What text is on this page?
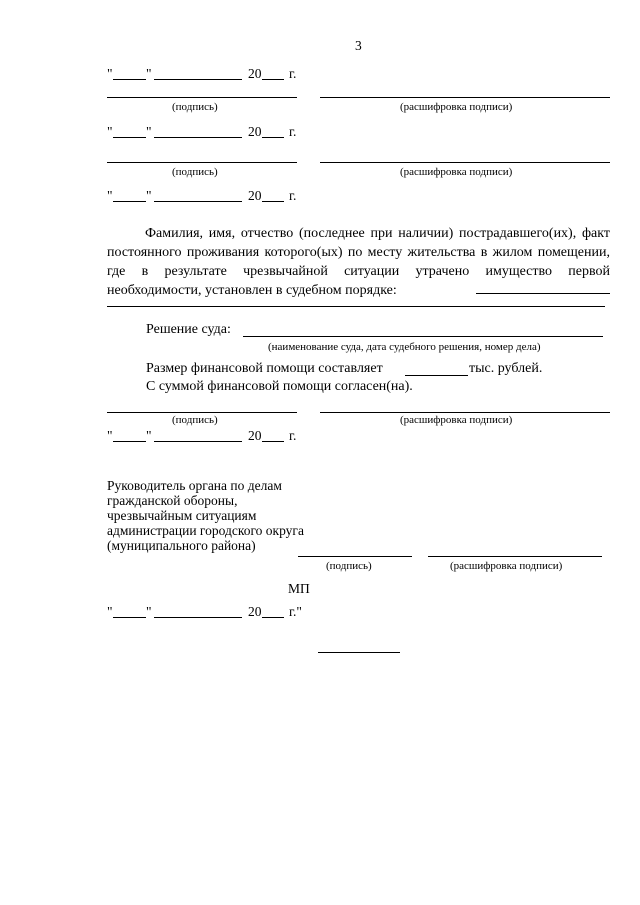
3
" "	20 г.
(подпись)	(расшифровка подписи)
" "	20 г.
(подпись)	(расшифровка подписи)
" "	20 г.
Фамилия, имя, отчество (последнее при наличии) пострадавшего(их), факт постоянного проживания которого(ых) по месту жительства в жилом помещении, где в результате чрезвычайной ситуации утрачено имущество первой необходимости, установлен в судебном порядке:
Решение суда:
(наименование суда, дата судебного решения, номер дела)
Размер финансовой помощи составляет	тыс. рублей.
С суммой финансовой помощи согласен(на).
(подпись)	(расшифровка подписи)
" "	20 г.
Руководитель органа по делам гражданской обороны, чрезвычайным ситуациям администрации городского округа (муниципального района)
(подпись)	(расшифровка подписи)
МП
" "	20 г."
